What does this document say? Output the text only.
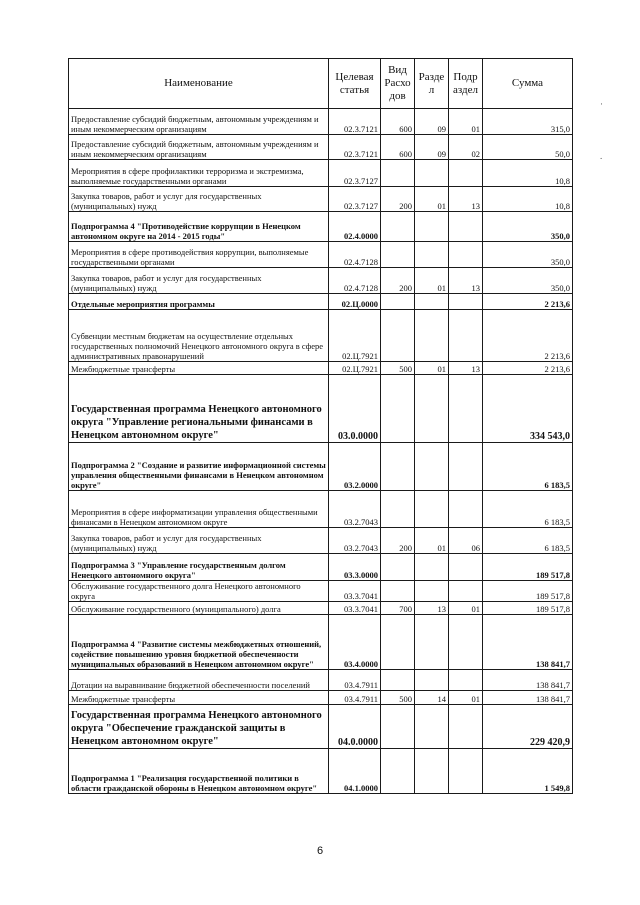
Наименование	Целевая статья	Вид Расхо дов	Разде л	Подр аздел	Сумма
Предоставление субсидий бюджетным, автономным учреждениям и иным некоммерческим организациям	02.3.7121	600	09	01	315,0
Предоставление субсидий бюджетным, автономным учреждениям и иным некоммерческим организациям	02.3.7121	600	09	02	50,0
Мероприятия в сфере профилактики терроризма и экстремизма, выполняемые государственными органами	02.3.7127				10,8
Закупка товаров, работ и услуг для государственных (муниципальных) нужд	02.3.7127	200	01	13	10,8
Подпрограмма 4 "Противодействие коррупции в Ненецком автономном округе на 2014 - 2015 годы"	02.4.0000				350,0
Мероприятия в сфере противодействия коррупции, выполняемые государственными органами	02.4.7128				350,0
Закупка товаров, работ и услуг для государственных (муниципальных) нужд	02.4.7128	200	01	13	350,0
Отдельные мероприятия программы	02.Ц.0000				2 213,6
Субвенции местным бюджетам на осуществление отдельных государственных полномочий Ненецкого автономного округа в сфере административных правонарушений	02.Ц.7921				2 213,6
Межбюджетные трансферты	02.Ц.7921	500	01	13	2 213,6
Государственная программа Ненецкого автономного округа "Управление региональными финансами в Ненецком автономном округе"	03.0.0000				334 543,0
Подпрограмма 2 "Создание и развитие информационной системы управления общественными финансами в Ненецком автономном округе"	03.2.0000				6 183,5
Мероприятия в сфере информатизации управления общественными финансами в Ненецком автономном округе	03.2.7043				6 183,5
Закупка товаров, работ и услуг для государственных (муниципальных) нужд	03.2.7043	200	01	06	6 183,5
Подпрограмма 3 "Управление государственным долгом Ненецкого автономного округа"	03.3.0000				189 517,8
Обслуживание государственного долга Ненецкого автономного округа	03.3.7041				189 517,8
Обслуживание государственного (муниципального) долга	03.3.7041	700	13	01	189 517,8
Подпрограмма 4 "Развитие системы межбюджетных отношений, содействие повышению уровня бюджетной обеспеченности муниципальных образований в Ненецком автономном округе"	03.4.0000				138 841,7
Дотации на выравнивание бюджетной обеспеченности поселений	03.4.7911				138 841,7
Межбюджетные трансферты	03.4.7911	500	14	01	138 841,7
Государственная программа Ненецкого автономного округа "Обеспечение гражданской защиты в Ненецком автономном округе"	04.0.0000				229 420,9
Подпрограмма 1 "Реализация государственной политики в области гражданской обороны в Ненецком автономном округе"	04.1.0000				1 549,8
6
·
.
